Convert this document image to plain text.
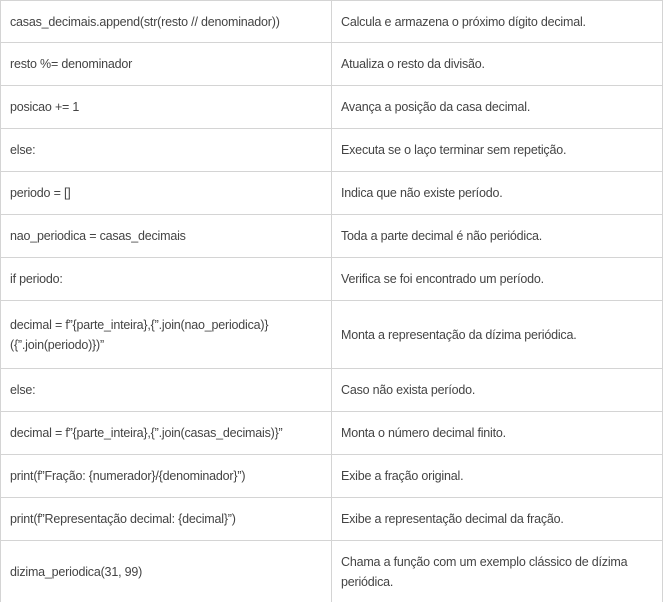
casas_decimais.append(str(resto // denominador))	Calcula e armazena o próximo dígito decimal.
resto %= denominador	Atualiza o resto da divisão.
posicao += 1	Avança a posição da casa decimal.
else:	Executa se o laço terminar sem repetição.
periodo = []	Indica que não existe período.
nao_periodica = casas_decimais	Toda a parte decimal é não periódica.
if periodo:	Verifica se foi encontrado um período.
decimal = f”{parte_inteira},{”.join(nao_periodica)}({”.join(periodo)})”	Monta a representação da dízima periódica.
else:	Caso não exista período.
decimal = f”{parte_inteira},{”.join(casas_decimais)}”	Monta o número decimal finito.
print(f”Fração: {numerador}/{denominador}”)	Exibe a fração original.
print(f”Representação decimal: {decimal}”)	Exibe a representação decimal da fração.
dizima_periodica(31, 99)	Chama a função com um exemplo clássico de dízima periódica.
